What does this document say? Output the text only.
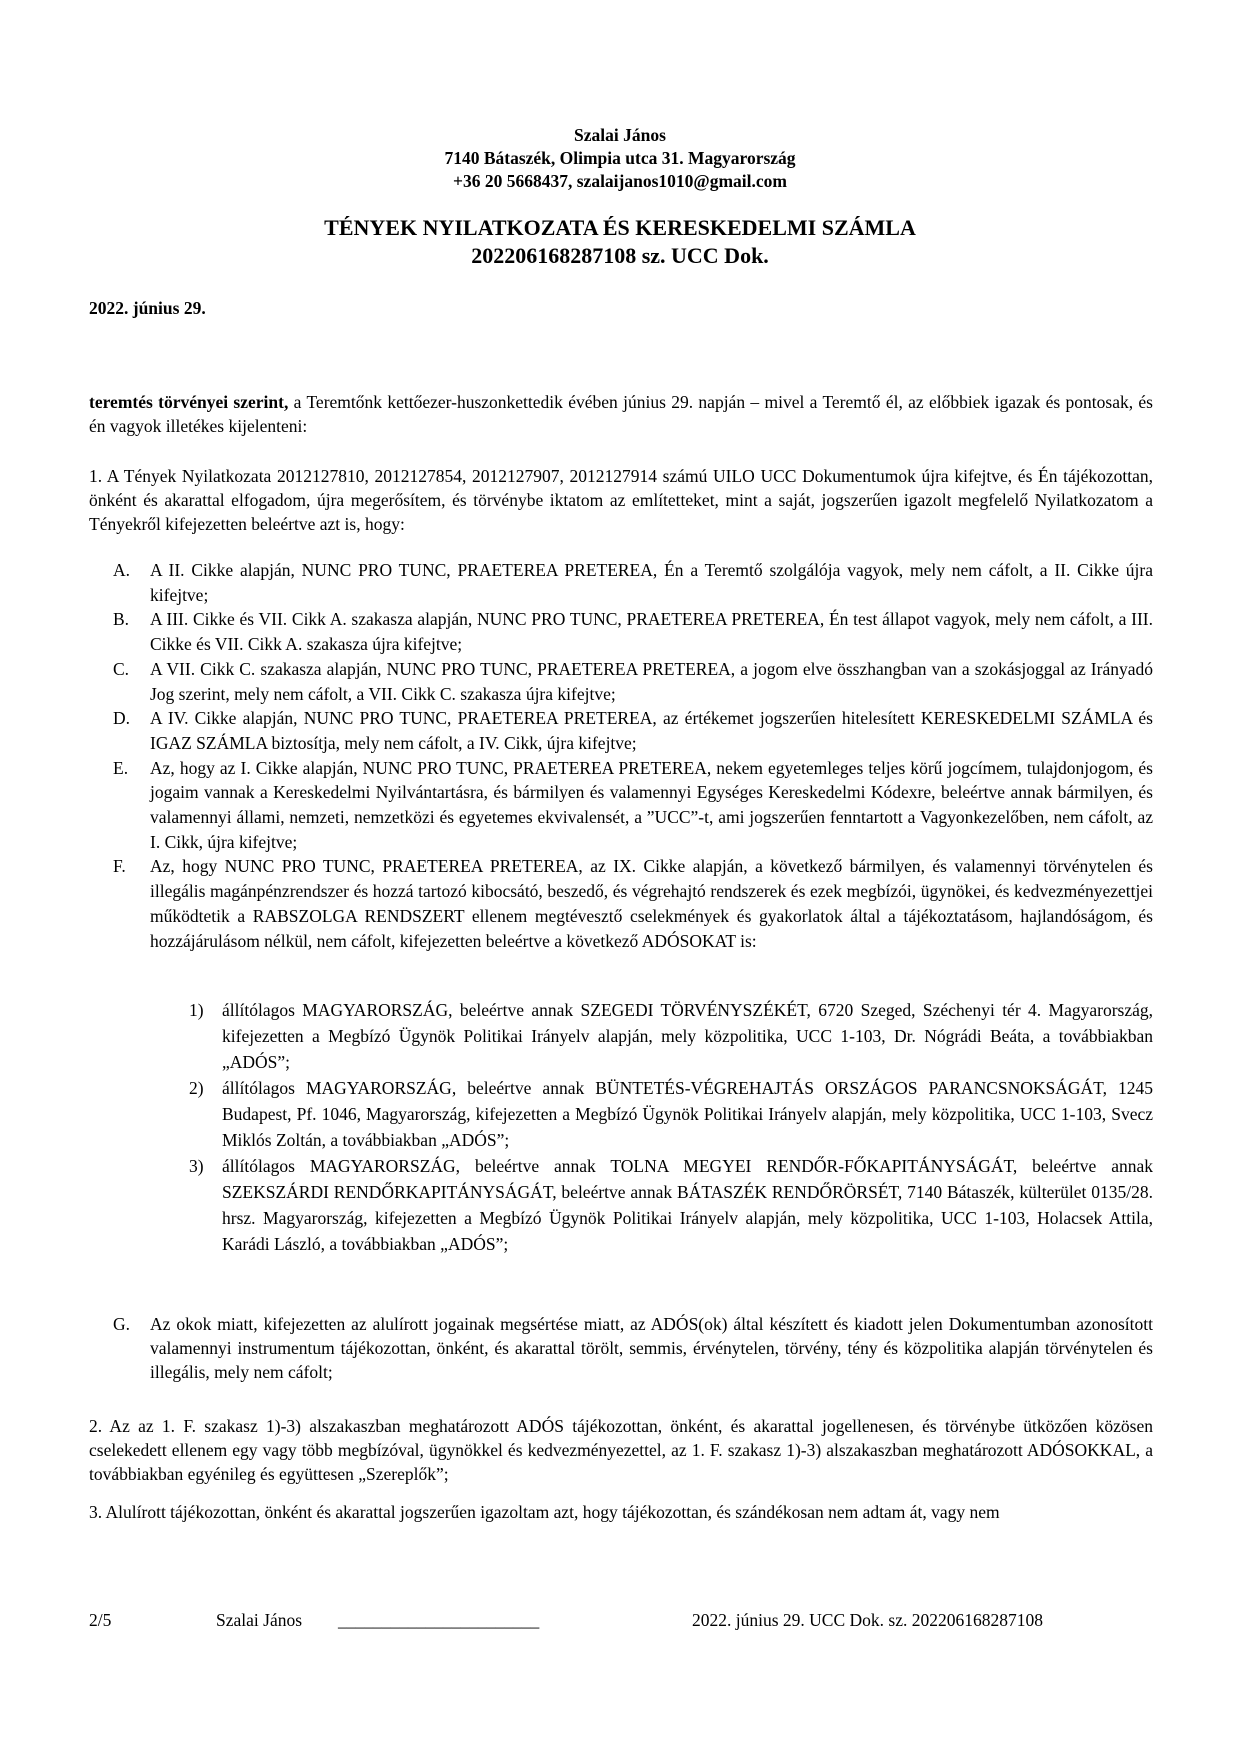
Szalai János
7140 Bátaszék, Olimpia utca 31. Magyarország
+36 20 5668437, szalaijanos1010@gmail.com
TÉNYEK NYILATKOZATA ÉS KERESKEDELMI SZÁMLA
202206168287108 sz. UCC Dok.
2022. június 29.
teremtés törvényei szerint, a Teremtőnk kettőezer-huszonkettedik évében június 29. napján – mivel a Teremtő él, az előbbiek igazak és pontosak, és én vagyok illetékes kijelenteni:
1. A Tények Nyilatkozata 2012127810, 2012127854, 2012127907, 2012127914 számú UILO UCC Dokumentumok újra kifejtve, és Én tájékozottan, önként és akarattal elfogadom, újra megerősítem, és törvénybe iktatom az említetteket, mint a saját, jogszerűen igazolt megfelelő Nyilatkozatom a Tényekről kifejezetten beleértve azt is, hogy:
A. A II. Cikke alapján, NUNC PRO TUNC, PRAETEREA PRETEREA, Én a Teremtő szolgálója vagyok, mely nem cáfolt, a II. Cikke újra kifejtve;
B. A III. Cikke és VII. Cikk A. szakasza alapján, NUNC PRO TUNC, PRAETEREA PRETEREA, Én test állapot vagyok, mely nem cáfolt, a III. Cikke és VII. Cikk A. szakasza újra kifejtve;
C. A VII. Cikk C. szakasza alapján, NUNC PRO TUNC, PRAETEREA PRETEREA, a jogom elve összhangban van a szokásjoggal az Irányadó Jog szerint, mely nem cáfolt, a VII. Cikk C. szakasza újra kifejtve;
D. A IV. Cikke alapján, NUNC PRO TUNC, PRAETEREA PRETEREA, az értékemet jogszerűen hitelesített KERESKEDELMI SZÁMLA és IGAZ SZÁMLA biztosítja, mely nem cáfolt, a IV. Cikk, újra kifejtve;
E. Az, hogy az I. Cikke alapján, NUNC PRO TUNC, PRAETEREA PRETEREA, nekem egyetemleges teljes körű jogcímem, tulajdonjogom, és jogaim vannak a Kereskedelmi Nyilvántartásra, és bármilyen és valamennyi Egységes Kereskedelmi Kódexre, beleértve annak bármilyen, és valamennyi állami, nemzeti, nemzetközi és egyetemes ekvivalensét, a ”UCC”-t, ami jogszerűen fenntartott a Vagyonkezelőben, nem cáfolt, az I. Cikk, újra kifejtve;
F. Az, hogy NUNC PRO TUNC, PRAETEREA PRETEREA, az IX. Cikke alapján, a következő bármilyen, és valamennyi törvénytelen és illegális magánpénzrendszer és hozzá tartozó kibocsátó, beszedő, és végrehajtó rendszerek és ezek megbízói, ügynökei, és kedvezményezettjei működtetik a RABSZOLGA RENDSZERT ellenem megtévesztő cselekmények és gyakorlatok által a tájékoztatásom, hajlandóságom, és hozzájárulásom nélkül, nem cáfolt, kifejezetten beleértve a következő ADÓSOKAT is:
1) állítólagos MAGYARORSZÁG, beleértve annak SZEGEDI TÖRVÉNYSZÉKÉT, 6720 Szeged, Széchenyi tér 4. Magyarország, kifejezetten a Megbízó Ügynök Politikai Irányelv alapján, mely közpolitika, UCC 1-103, Dr. Nógrádi Beáta, a továbbiakban „ADÓS”;
2) állítólagos MAGYARORSZÁG, beleértve annak BÜNTETÉS-VÉGREHAJTÁS ORSZÁGOS PARANCSNOKSÁGÁT, 1245 Budapest, Pf. 1046, Magyarország, kifejezetten a Megbízó Ügynök Politikai Irányelv alapján, mely közpolitika, UCC 1-103, Svecz Miklós Zoltán, a továbbiakban „ADÓS”;
3) állítólagos MAGYARORSZÁG, beleértve annak TOLNA MEGYEI RENDŐR-FŐKAPITÁNYSÁGÁT, beleértve annak SZEKSZÁRDI RENDŐRKAPITÁNYSÁGÁT, beleértve annak BÁTASZÉK RENDŐRÖRSÉT, 7140 Bátaszék, külterület 0135/28. hrsz. Magyarország, kifejezetten a Megbízó Ügynök Politikai Irányelv alapján, mely közpolitika, UCC 1-103, Holacsek Attila, Karádi László, a továbbiakban „ADÓS”;
G. Az okok miatt, kifejezetten az alulírott jogainak megsértése miatt, az ADÓS(ok) által készített és kiadott jelen Dokumentumban azonosított valamennyi instrumentum tájékozottan, önként, és akarattal törölt, semmis, érvénytelen, törvény, tény és közpolitika alapján törvénytelen és illegális, mely nem cáfolt;
2. Az az 1. F. szakasz 1)-3) alszakaszban meghatározott ADÓS tájékozottan, önként, és akarattal jogellenesen, és törvénybe ütközően közösen cselekedett ellenem egy vagy több megbízóval, ügynökkel és kedvezményezettel, az 1. F. szakasz 1)-3) alszakaszban meghatározott ADÓSOKKAL, a továbbiakban egyénileg és együttesen „Szereplők”;
3. Alulírott tájékozottan, önként és akarattal jogszerűen igazoltam azt, hogy tájékozottan, és szándékosan nem adtam át, vagy nem
2/5	Szalai János _______________________	2022. június 29. UCC Dok. sz. 202206168287108
